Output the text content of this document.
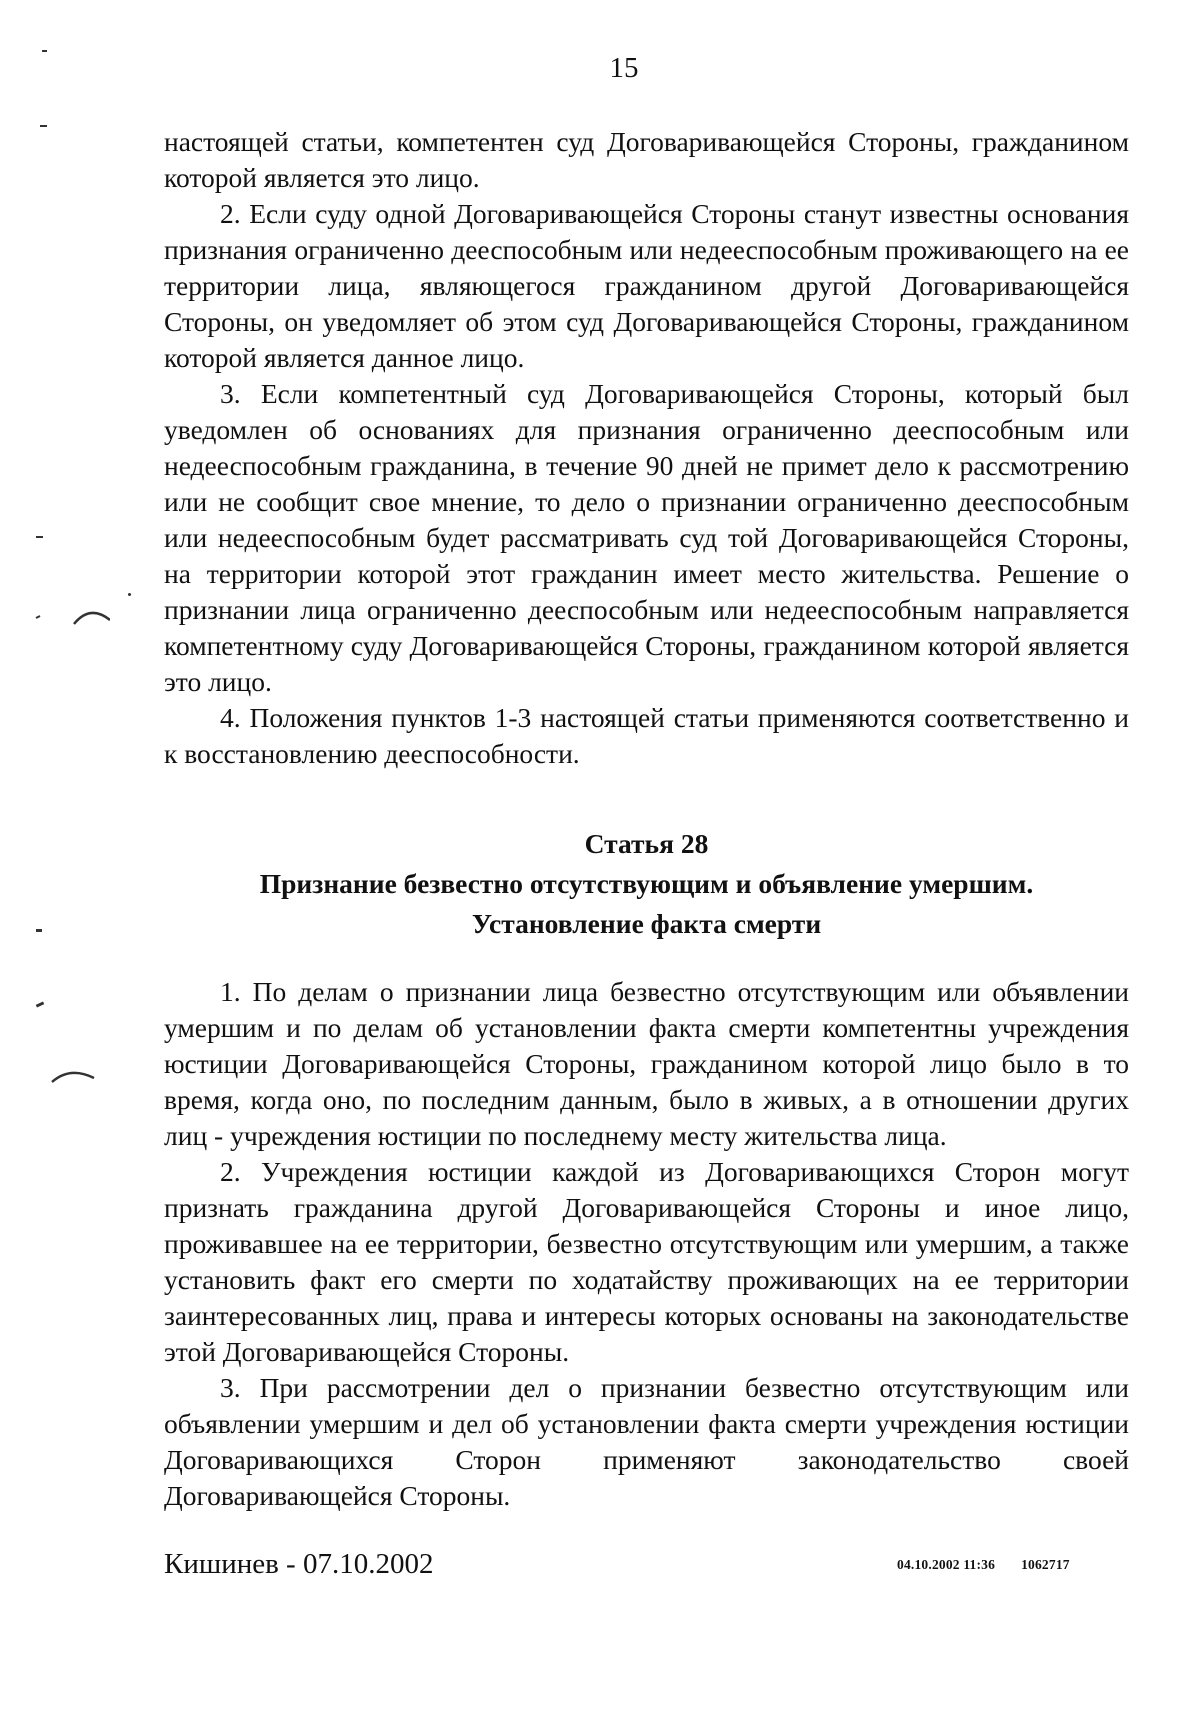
15

настоящей статьи, компетентен суд Договаривающейся Стороны, гражданином которой является это лицо.

2. Если суду одной Договаривающейся Стороны станут известны основания признания ограниченно дееспособным или недееспособным проживающего на ее территории лица, являющегося гражданином другой Договаривающейся Стороны, он уведомляет об этом суд Договаривающейся Стороны, гражданином которой является данное лицо.

3. Если компетентный суд Договаривающейся Стороны, который был уведомлен об основаниях для признания ограниченно дееспособным или недееспособным гражданина, в течение 90 дней не примет дело к рассмотрению или не сообщит свое мнение, то дело о признании ограниченно дееспособным или недееспособным будет рассматривать суд той Договаривающейся Стороны, на территории которой этот гражданин имеет место жительства. Решение о признании лица ограниченно дееспособным или недееспособным направляется компетентному суду Договаривающейся Стороны, гражданином которой является это лицо.

4. Положения пунктов 1-3 настоящей статьи применяются соответственно и к восстановлению дееспособности.

Статья 28
Признание безвестно отсутствующим и объявление умершим.
Установление факта смерти

1. По делам о признании лица безвестно отсутствующим или объявлении умершим и по делам об установлении факта смерти компетентны учреждения юстиции Договаривающейся Стороны, гражданином которой лицо было в то время, когда оно, по последним данным, было в живых, а в отношении других лиц - учреждения юстиции по последнему месту жительства лица.

2. Учреждения юстиции каждой из Договаривающихся Сторон могут признать гражданина другой Договаривающейся Стороны и иное лицо, проживавшее на ее территории, безвестно отсутствующим или умершим, а также установить факт его смерти по ходатайству проживающих на ее территории заинтересованных лиц, права и интересы которых основаны на законодательстве этой Договаривающейся Стороны.

3. При рассмотрении дел о признании безвестно отсутствующим или объявлении умершим и дел об установлении факта смерти учреждения юстиции Договаривающихся Сторон применяют законодательство своей Договаривающейся Стороны.

Кишинев - 07.10.2002	04.10.2002 11:36 1062717
